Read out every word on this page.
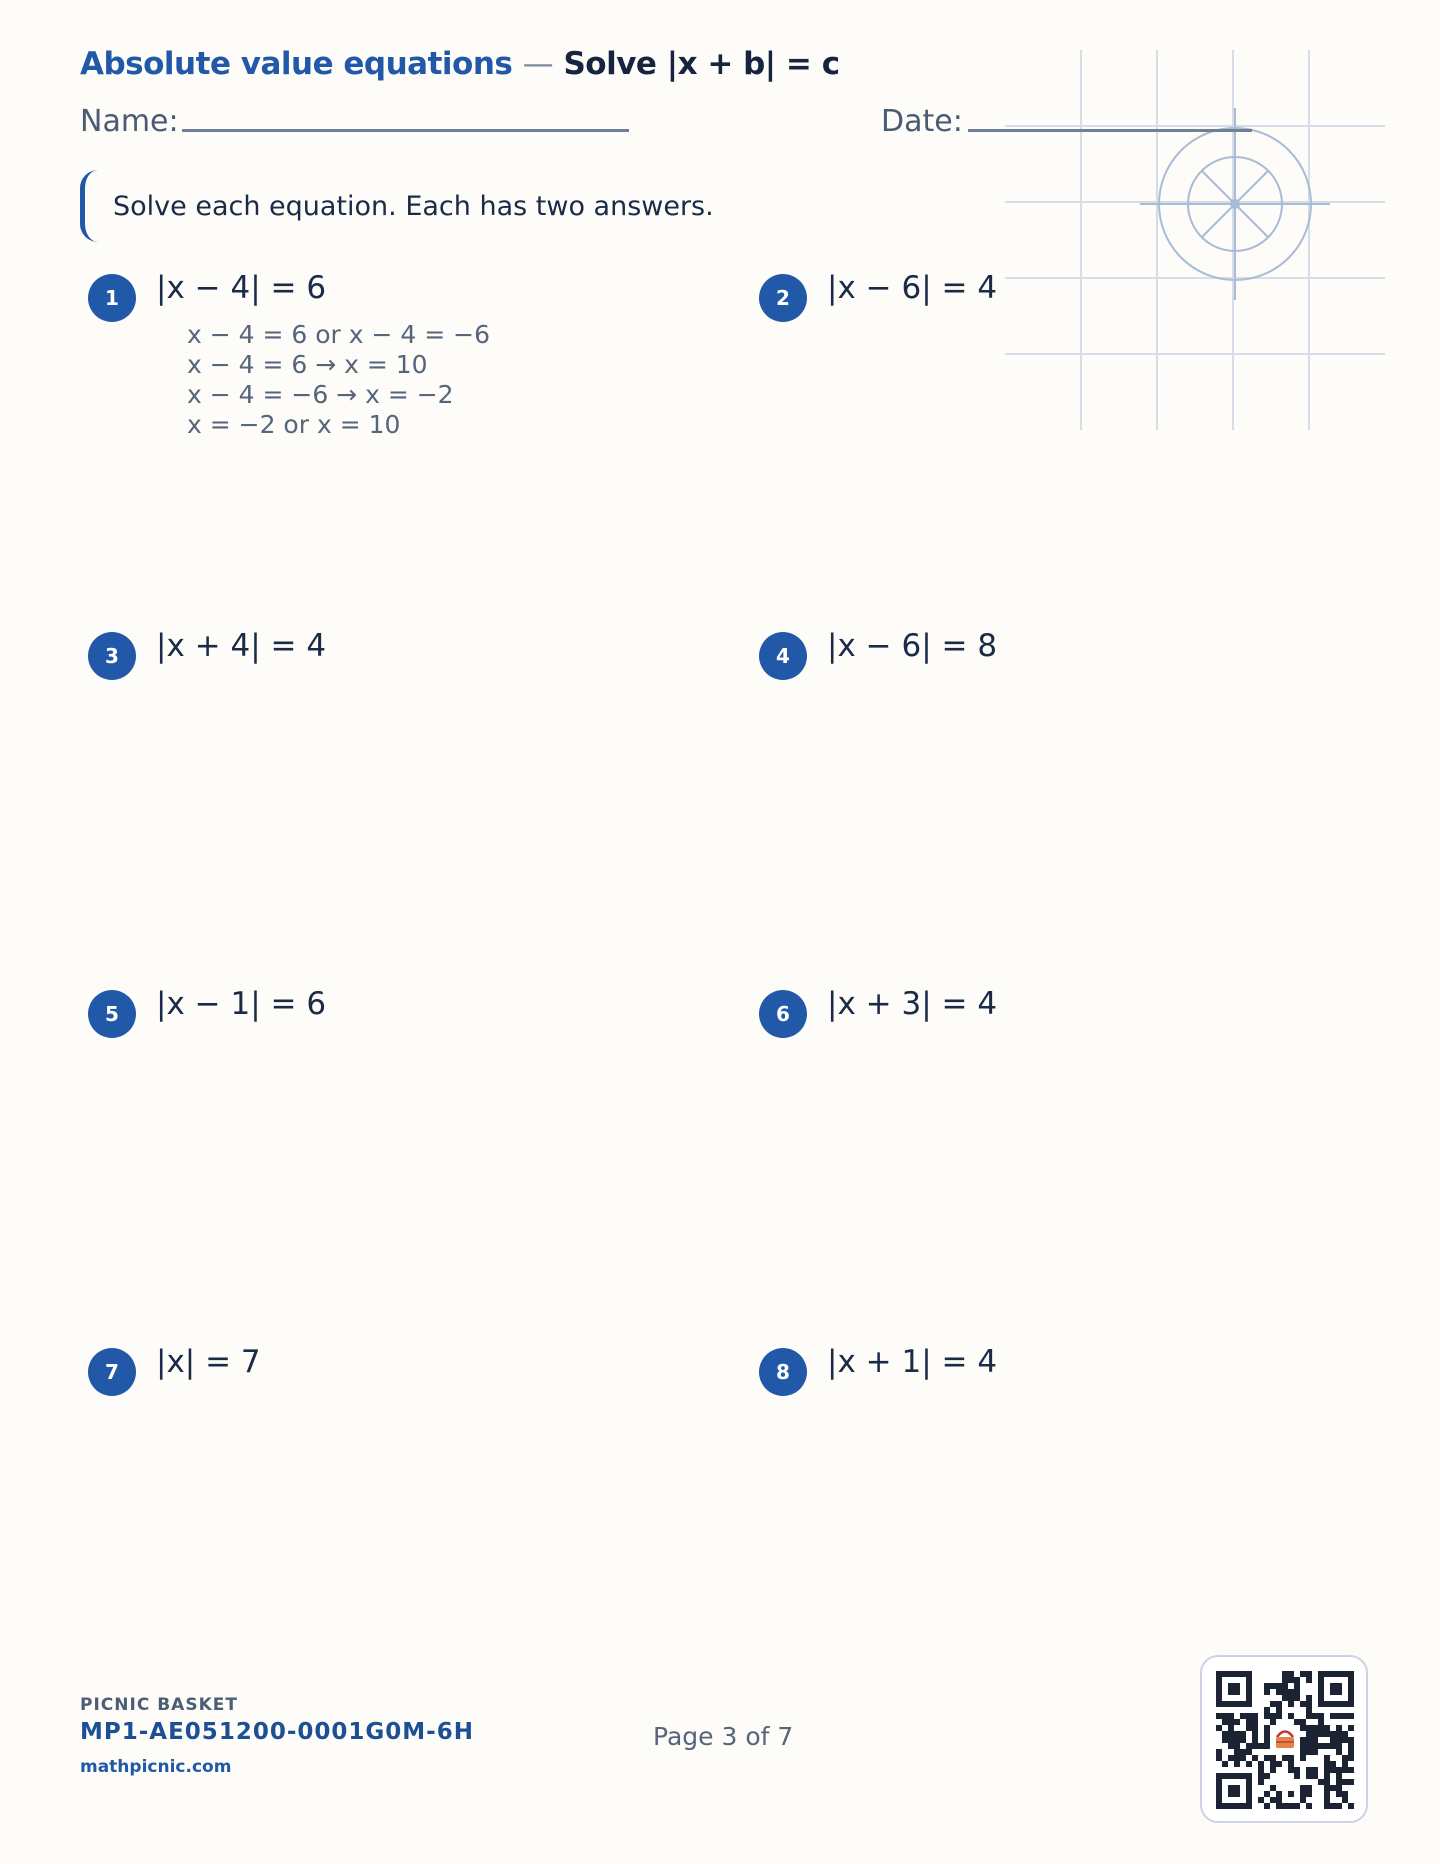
Absolute value equations — Solve |x + b| = c
Name:	Date:
Solve each equation. Each has two answers.
1	|x − 4| = 6
x − 4 = 6 or x − 4 = −6
x − 4 = 6 → x = 10
x − 4 = −6 → x = −2
x = −2 or x = 10
2	|x − 6| = 4
3	|x + 4| = 4	4	|x − 6| = 8
5	|x − 1| = 6	6	|x + 3| = 4
7	|x| = 7	8	|x + 1| = 4
PICNIC BASKET
MP1-AE051200-0001G0M-6H
mathpicnic.com
Page 3 of 7
